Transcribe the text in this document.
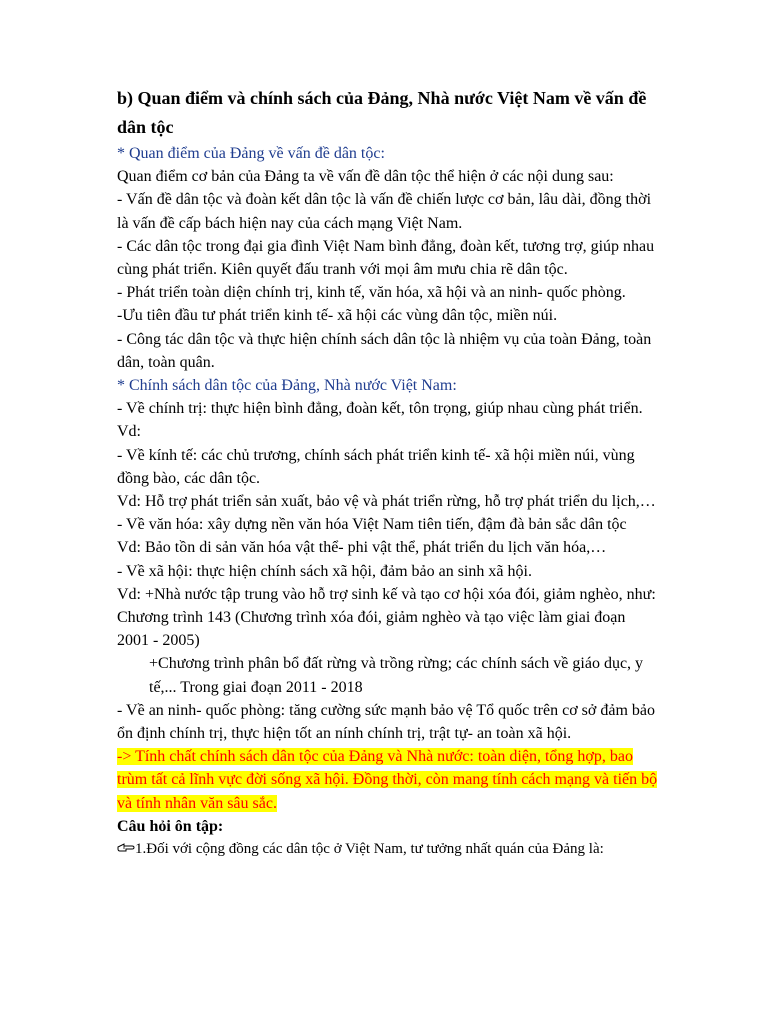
b) Quan điểm và chính sách của Đảng, Nhà nước Việt Nam về vấn đề dân tộc

* Quan điểm của Đảng về vấn đề dân tộc:

Quan điểm cơ bản của Đảng ta về vấn đề dân tộc thể hiện ở các nội dung sau:

- Vấn đề dân tộc và đoàn kết dân tộc là vấn đề chiến lược cơ bản, lâu dài, đồng thời là vấn đề cấp bách hiện nay của cách mạng Việt Nam.

- Các dân tộc trong đại gia đình Việt Nam bình đẳng, đoàn kết, tương trợ, giúp nhau cùng phát triển. Kiên quyết đấu tranh với mọi âm mưu chia rẽ dân tộc.

- Phát triển toàn diện chính trị, kinh tế, văn hóa, xã hội và an ninh- quốc phòng.

-Ưu tiên đầu tư phát triển kinh tế- xã hội các vùng dân tộc, miền núi.

- Công tác dân tộc và thực hiện chính sách dân tộc là nhiệm vụ của toàn Đảng, toàn dân, toàn quân.

* Chính sách dân tộc của Đảng, Nhà nước Việt Nam:

- Về chính trị: thực hiện bình đẳng, đoàn kết, tôn trọng, giúp nhau cùng phát triển.

Vd:

- Về kính tế: các chủ trương, chính sách phát triển kinh tế- xã hội miền núi, vùng đồng bào, các dân tộc.

Vd: Hỗ trợ phát triển sản xuất, bảo vệ và phát triển rừng, hỗ trợ phát triển du lịch,…

- Về văn hóa: xây dựng nền văn hóa Việt Nam tiên tiến, đậm đà bản sắc dân tộc

Vd: Bảo tồn di sản văn hóa vật thể- phi vật thể, phát triển du lịch văn hóa,…

- Về xã hội: thực hiện chính sách xã hội, đảm bảo an sinh xã hội.

Vd: +Nhà nước tập trung vào hỗ trợ sinh kế và tạo cơ hội xóa đói, giảm nghèo, như: Chương trình 143 (Chương trình xóa đói, giảm nghèo và tạo việc làm giai đoạn 2001 - 2005)

+Chương trình phân bổ đất rừng và trồng rừng; các chính sách về giáo dục, y tế,... Trong giai đoạn 2011 - 2018

- Về an ninh- quốc phòng: tăng cường sức mạnh bảo vệ Tổ quốc trên cơ sở đảm bảo ổn định chính trị, thực hiện tốt an nính chính trị, trật tự- an toàn xã hội.

-> Tính chất chính sách dân tộc của Đảng và Nhà nước: toàn diện, tổng hợp, bao trùm tất cả lĩnh vực đời sống xã hội. Đồng thời, còn mang tính cách mạng và tiến bộ và tính nhân văn sâu sắc.

Câu hỏi ôn tập:

1.Đối với cộng đồng các dân tộc ở Việt Nam, tư tưởng nhất quán của Đảng là:
